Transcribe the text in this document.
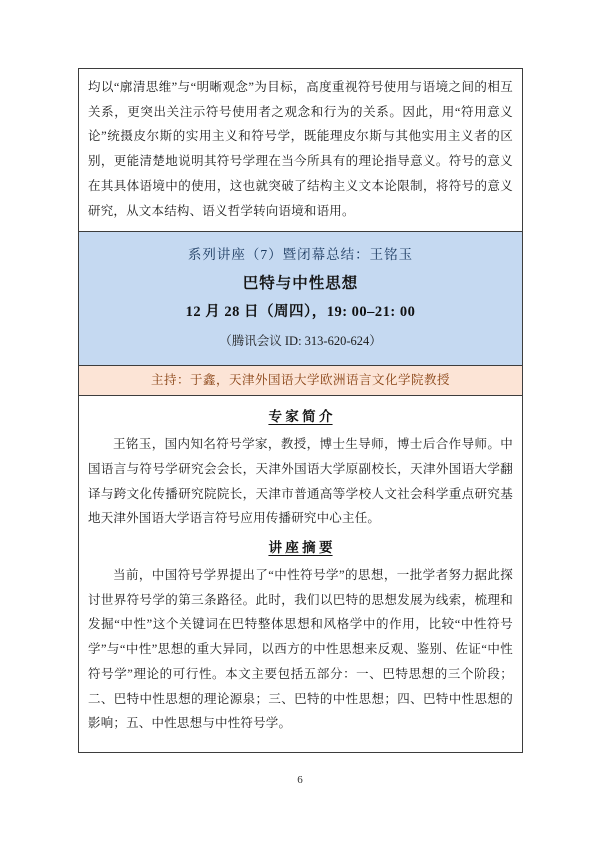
均以“廓清思维”与“明晰观念”为目标，高度重视符号使用与语境之间的相互关系，更突出关注示符号使用者之观念和行为的关系。因此，用“符用意义论”统摄皮尔斯的实用主义和符号学，既能理皮尔斯与其他实用主义者的区别，更能清楚地说明其符号学理在当今所具有的理论指导意义。符号的意义在其具体语境中的使用，这也就突破了结构主义文本论限制，将符号的意义研究，从文本结构、语义哲学转向语境和语用。

系列讲座（7）暨闭幕总结：王铭玉

巴特与中性思想

12 月 28 日（周四），19: 00–21: 00

（腾讯会议 ID: 313-620-624）

主持：于鑫，天津外国语大学欧洲语言文化学院教授

专 家 简 介

王铭玉，国内知名符号学家，教授，博士生导师，博士后合作导师。中国语言与符号学研究会会长，天津外国语大学原副校长，天津外国语大学翻译与跨文化传播研究院院长，天津市普通高等学校人文社会科学重点研究基地天津外国语大学语言符号应用传播研究中心主任。

讲 座 摘 要

当前，中国符号学界提出了“中性符号学”的思想，一批学者努力据此探讨世界符号学的第三条路径。此时，我们以巴特的思想发展为线索，梳理和发掘“中性”这个关键词在巴特整体思想和风格学中的作用，比较“中性符号学”与“中性”思想的重大异同，以西方的中性思想来反观、鉴别、佐证“中性符号学”理论的可行性。本文主要包括五部分：一、巴特思想的三个阶段；二、巴特中性思想的理论源泉；三、巴特的中性思想；四、巴特中性思想的影响；五、中性思想与中性符号学。

6
